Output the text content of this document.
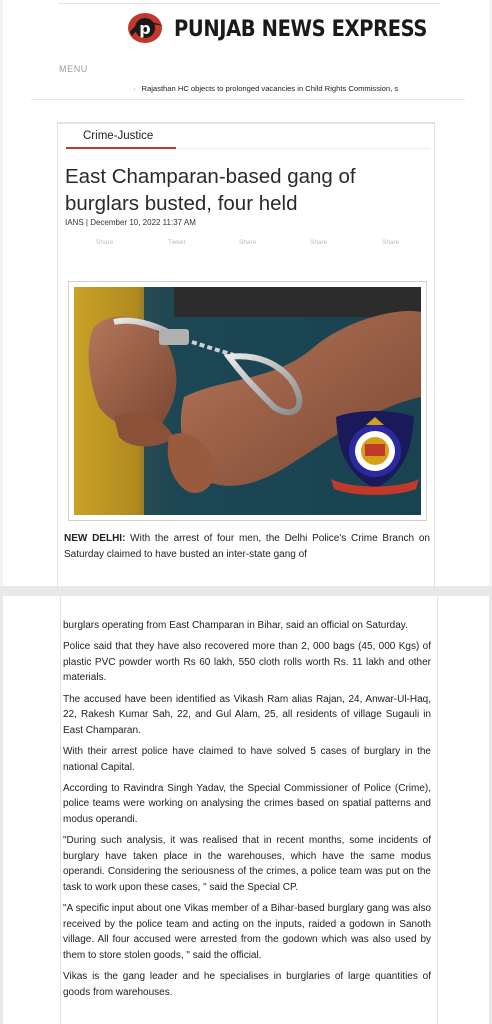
p PUNJAB NEWS EXPRESS
MENU
· Rajasthan HC objects to prolonged vacancies in Child Rights Commission, s
Crime-Justice
East Champaran-based gang of burglars busted, four held
IANS | December 10, 2022 11:37 AM
Share	Tweet	Share	Share	Share

NEW DELHI: With the arrest of four men, the Delhi Police's Crime Branch on Saturday claimed to have busted an inter-state gang of

burglars operating from East Champaran in Bihar, said an official on Saturday.

Police said that they have also recovered more than 2, 000 bags (45, 000 Kgs) of plastic PVC powder worth Rs 60 lakh, 550 cloth rolls worth Rs. 11 lakh and other materials.

The accused have been identified as Vikash Ram alias Rajan, 24, Anwar-Ul-Haq, 22, Rakesh Kumar Sah, 22, and Gul Alam, 25, all residents of village Sugauli in East Champaran.

With their arrest police have claimed to have solved 5 cases of burglary in the national Capital.

According to Ravindra Singh Yadav, the Special Commissioner of Police (Crime), police teams were working on analysing the crimes based on spatial patterns and modus operandi.

"During such analysis, it was realised that in recent months, some incidents of burglary have taken place in the warehouses, which have the same modus operandi. Considering the seriousness of the crimes, a police team was put on the task to work upon these cases, " said the Special CP.

"A specific input about one Vikas member of a Bihar-based burglary gang was also received by the police team and acting on the inputs, raided a godown in Sanoth village. All four accused were arrested from the godown which was also used by them to store stolen goods, " said the official.

Vikas is the gang leader and he specialises in burglaries of large quantities of goods from warehouses.
